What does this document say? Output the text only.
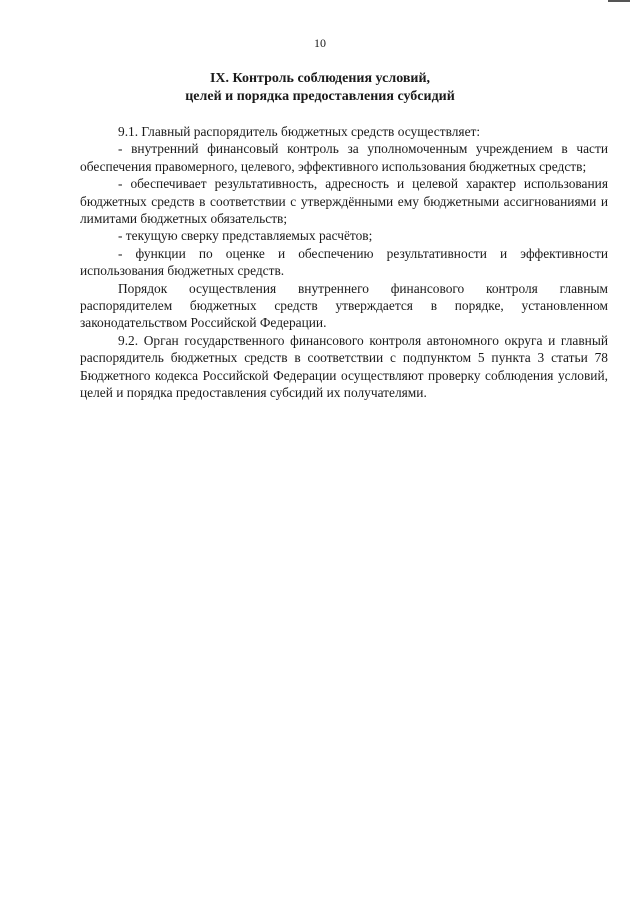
10
IX. Контроль соблюдения условий,
целей и порядка предоставления субсидий

9.1. Главный распорядитель бюджетных средств осуществляет:

- внутренний финансовый контроль за уполномоченным учреждением в части обеспечения правомерного, целевого, эффективного использования бюджетных средств;

- обеспечивает результативность, адресность и целевой характер использования бюджетных средств в соответствии с утверждёнными ему бюджетными ассигнованиями и лимитами бюджетных обязательств;

- текущую сверку представляемых расчётов;

- функции по оценке и обеспечению результативности и эффективности использования бюджетных средств.

Порядок осуществления внутреннего финансового контроля главным распорядителем бюджетных средств утверждается в порядке, установленном законодательством Российской Федерации.

9.2. Орган государственного финансового контроля автономного округа и главный распорядитель бюджетных средств в соответствии с подпунктом 5 пункта 3 статьи 78 Бюджетного кодекса Российской Федерации осуществляют проверку соблюдения условий, целей и порядка предоставления субсидий их получателями.
